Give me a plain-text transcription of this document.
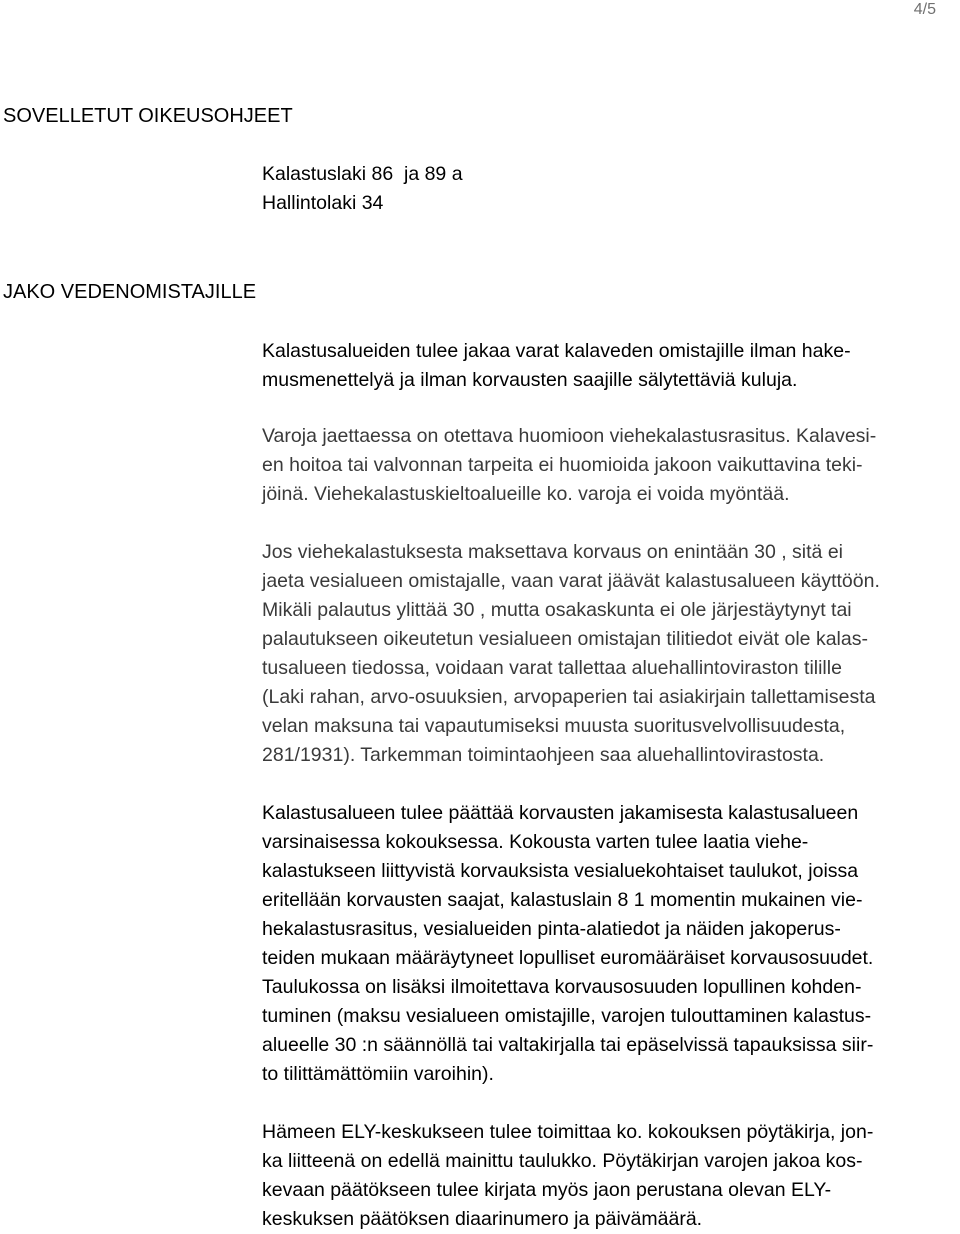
4/5
SOVELLETUT OIKEUSOHJEET
Kalastuslaki 86  ja 89 a
Hallintolaki 34
JAKO VEDENOMISTAJILLE
Kalastusalueiden tulee jakaa varat kalaveden omistajille ilman hake-
musmenettelyä ja ilman korvausten saajille sälytettäviä kuluja.
Varoja jaettaessa on otettava huomioon viehekalastusrasitus. Kalavesi-
en hoitoa tai valvonnan tarpeita ei huomioida jakoon vaikuttavina teki-
jöinä. Viehekalastuskieltoalueille ko. varoja ei voida myöntää.
Jos viehekalastuksesta maksettava korvaus on enintään 30 , sitä ei
jaeta vesialueen omistajalle, vaan varat jäävät kalastusalueen käyttöön.
Mikäli palautus ylittää 30 , mutta osakaskunta ei ole järjestäytynyt tai
palautukseen oikeutetun vesialueen omistajan tilitiedot eivät ole kalas-
tusalueen tiedossa, voidaan varat tallettaa aluehallintoviraston tilille
(Laki rahan, arvo-osuuksien, arvopaperien tai asiakirjain tallettamisesta
velan maksuna tai vapautumiseksi muusta suoritusvelvollisuudesta,
281/1931). Tarkemman toimintaohjeen saa aluehallintovirastosta.
Kalastusalueen tulee päättää korvausten jakamisesta kalastusalueen
varsinaisessa kokouksessa. Kokousta varten tulee laatia viehe-
kalastukseen liittyvistä korvauksista vesialuekohtaiset taulukot, joissa
eritellään korvausten saajat, kalastuslain 8 1 momentin mukainen vie-
hekalastusrasitus, vesialueiden pinta-alatiedot ja näiden jakoperus-
teiden mukaan määräytyneet lopulliset euromääräiset korvausosuudet.
Taulukossa on lisäksi ilmoitettava korvausosuuden lopullinen kohden-
tuminen (maksu vesialueen omistajille, varojen tulouttaminen kalastus-
alueelle 30 :n säännöllä tai valtakirjalla tai epäselvissä tapauksissa siir-
to tilittämättömiin varoihin).
Hämeen ELY-keskukseen tulee toimittaa ko. kokouksen pöytäkirja, jon-
ka liitteenä on edellä mainittu taulukko. Pöytäkirjan varojen jakoa kos-
kevaan päätökseen tulee kirjata myös jaon perustana olevan ELY-
keskuksen päätöksen diaarinumero ja päivämäärä.
